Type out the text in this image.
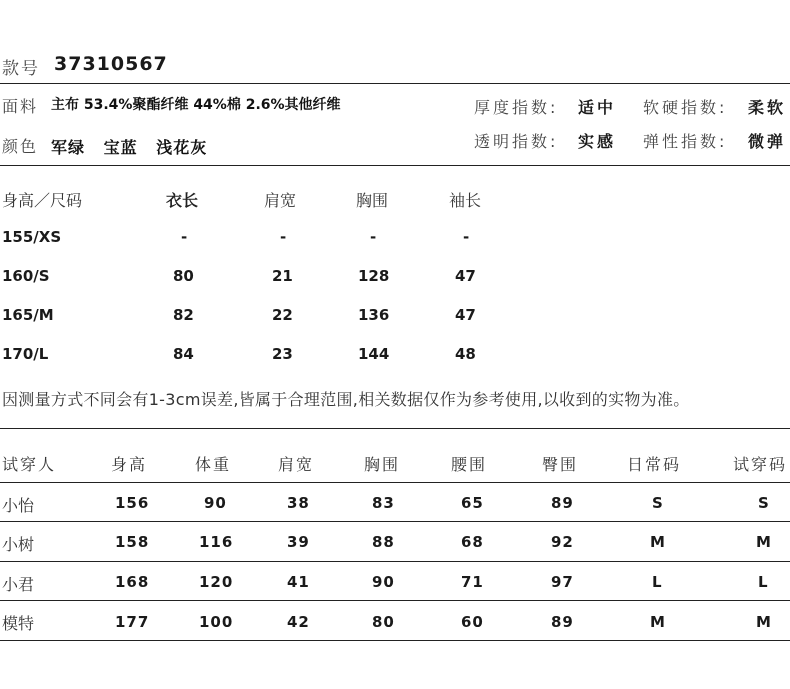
款号 37310567
面料 主布 53.4%聚酯纤维 44%棉 2.6%其他纤维
颜色 军绿 宝蓝 浅花灰
厚度指数: 适中 软硬指数: 柔软
透明指数: 实感 弹性指数: 微弹
身高／尺码	衣长	肩宽	胸围	袖长
155/XS	-	-	-	-
160/S	80	21	128	47
165/M	82	22	136	47
170/L	84	23	144	48
因测量方式不同会有1-3cm误差,皆属于合理范围,相关数据仅作为参考使用,以收到的实物为准。
试穿人	身高	体重	肩宽	胸围	腰围	臀围	日常码	试穿码
小怡	156	90	38	83	65	89	S	S
小树	158	116	39	88	68	92	M	M
小君	168	120	41	90	71	97	L	L
模特	177	100	42	80	60	89	M	M
